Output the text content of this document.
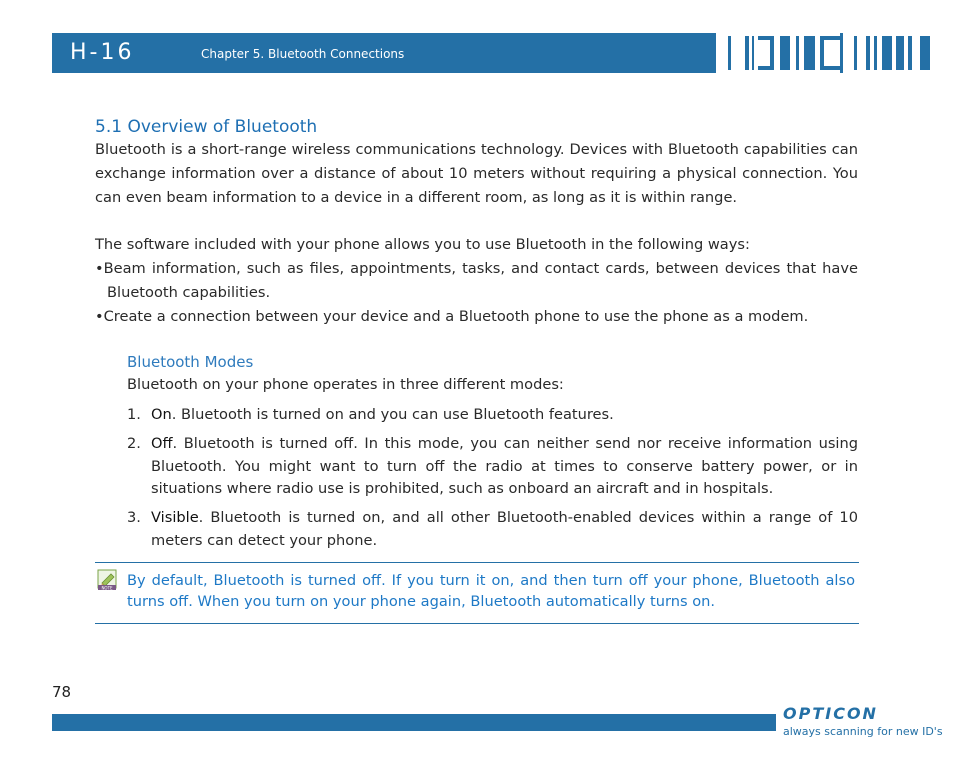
H-16	Chapter 5. Bluetooth Connections
5.1 Overview of Bluetooth

Bluetooth is a short-range wireless communications technology. Devices with Bluetooth capabilities can exchange information over a distance of about 10 meters without requiring a physical connection. You can even beam information to a device in a different room, as long as it is within range.

The software included with your phone allows you to use Bluetooth in the following ways:

•Beam information, such as files, appointments, tasks, and contact cards, between devices that have Bluetooth capabilities.
•Create a connection between your device and a Bluetooth phone to use the phone as a modem.
Bluetooth Modes
Bluetooth on your phone operates in three different modes:
1. On. Bluetooth is turned on and you can use Bluetooth features.
2. Off. Bluetooth is turned off. In this mode, you can neither send nor receive information using Bluetooth. You might want to turn off the radio at times to conserve battery power, or in situations where radio use is prohibited, such as onboard an aircraft and in hospitals.
3. Visible. Bluetooth is turned on, and all other Bluetooth-enabled devices within a range of 10 meters can detect your phone.
NOTE By default, Bluetooth is turned off. If you turn it on, and then turn off your phone, Bluetooth also turns off. When you turn on your phone again, Bluetooth automatically turns on.

78
OPTICON
always scanning for new ID's
